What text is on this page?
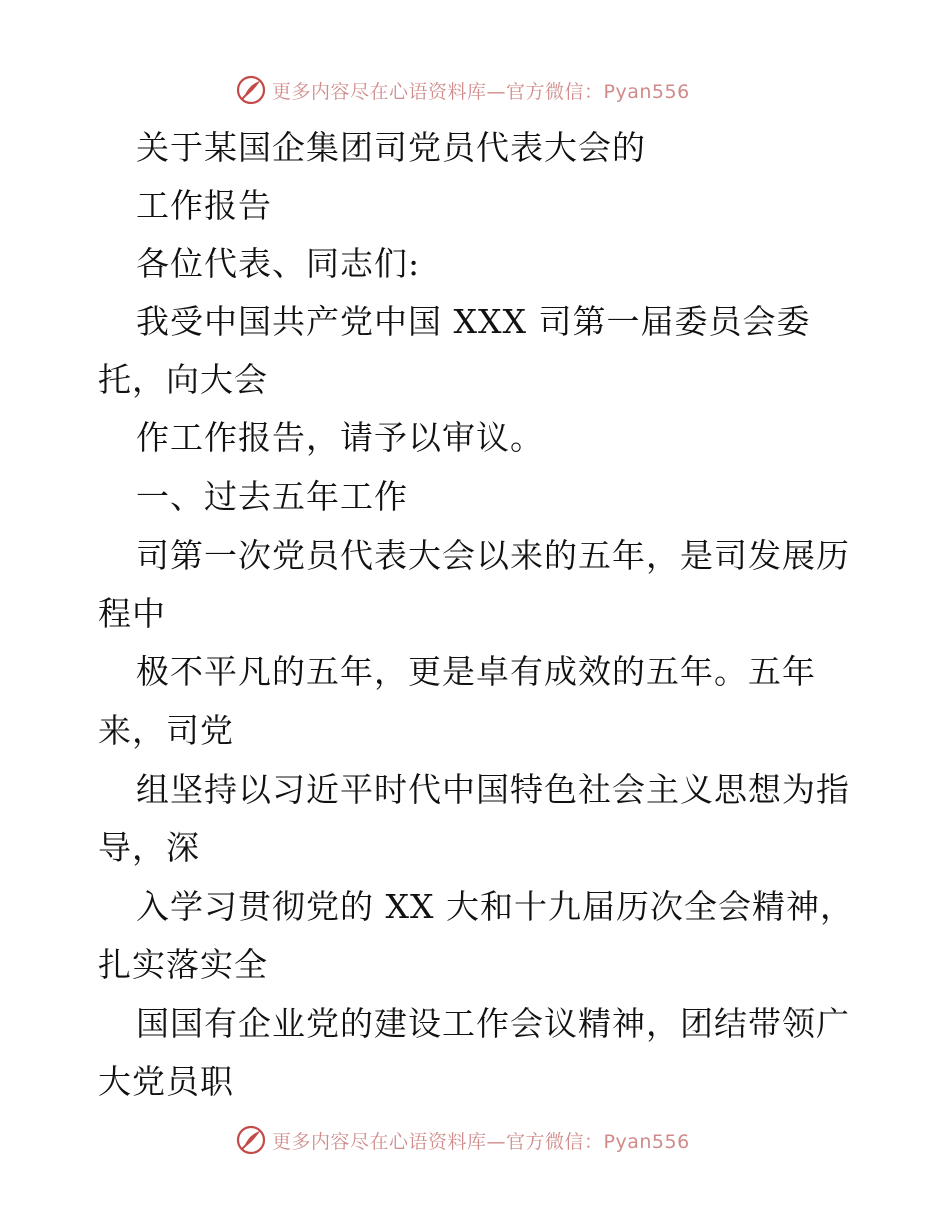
更多内容尽在心语资料库—官方微信：Pyan556
关于某国企集团司党员代表大会的
工作报告
各位代表、同志们:
我受中国共产党中国 XXX 司第一届委员会委
托，向大会
作工作报告，请予以审议。
一、过去五年工作
司第一次党员代表大会以来的五年，是司发展历
程中
极不平凡的五年，更是卓有成效的五年。五年
来，司党
组坚持以习近平时代中国特色社会主义思想为指
导，深
入学习贯彻党的 XX 大和十九届历次全会精神，
扎实落实全
国国有企业党的建设工作会议精神，团结带领广
大党员职
更多内容尽在心语资料库—官方微信：Pyan556
